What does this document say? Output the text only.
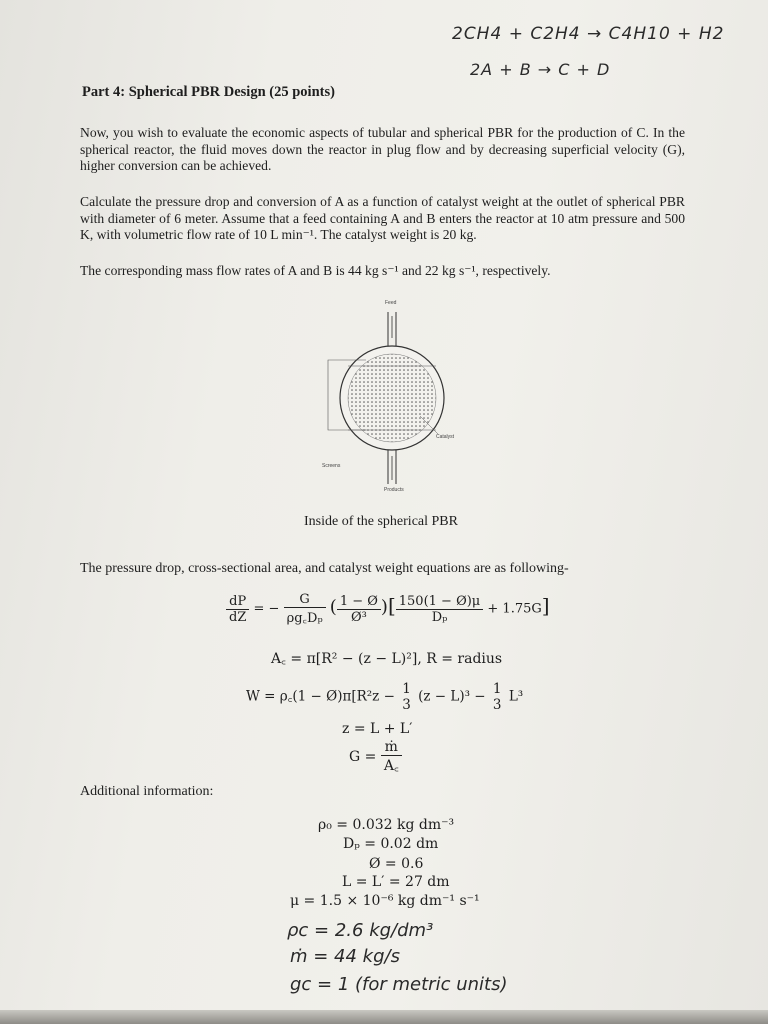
2CH4 + C2H4 → C4H10 + H2
2A + B → C + D
Part 4: Spherical PBR Design (25 points)
Now, you wish to evaluate the economic aspects of tubular and spherical PBR for the production of C. In the spherical reactor, the fluid moves down the reactor in plug flow and by decreasing superficial velocity (G), higher conversion can be achieved.
Calculate the pressure drop and conversion of A as a function of catalyst weight at the outlet of spherical PBR with diameter of 6 meter. Assume that a feed containing A and B enters the reactor at 10 atm pressure and 500 K, with volumetric flow rate of 10 L min⁻¹. The catalyst weight is 20 kg.
The corresponding mass flow rates of A and B is 44 kg s⁻¹ and 22 kg s⁻¹, respectively.
Feed
Catalyst
Screens
Products
Inside of the spherical PBR
The pressure drop, cross-sectional area, and catalyst weight equations are as following-
$\frac{dP}{dZ}$ = − $\frac{G}{\text{ρg꜀Dₚ}}$ ( $\frac{1 - Ø}{\text{Ø³}}$ )[ $\frac{150(1 - Ø)\mu}{\text{Dₚ}} + 1.75G$]
A꜀ = π[R² − (z − L)²], R = radius
W = ρ꜀(1 − Ø)π[R²z − 1
3
(z − L)³ − 1
3
L³
z = L + L′
$G = \frac{\text{ṁ}}{A꜀}$
Additional information:
ρ₀ = 0.032 kg dm⁻³
Dₚ = 0.02 dm
Ø = 0.6
L = L′ = 27 dm
μ = 1.5 × 10⁻⁶ kg dm⁻¹ s⁻¹
ρc = 2.6 kg/dm³
ṁ = 44 kg/s
gc = 1 (for metric units)
